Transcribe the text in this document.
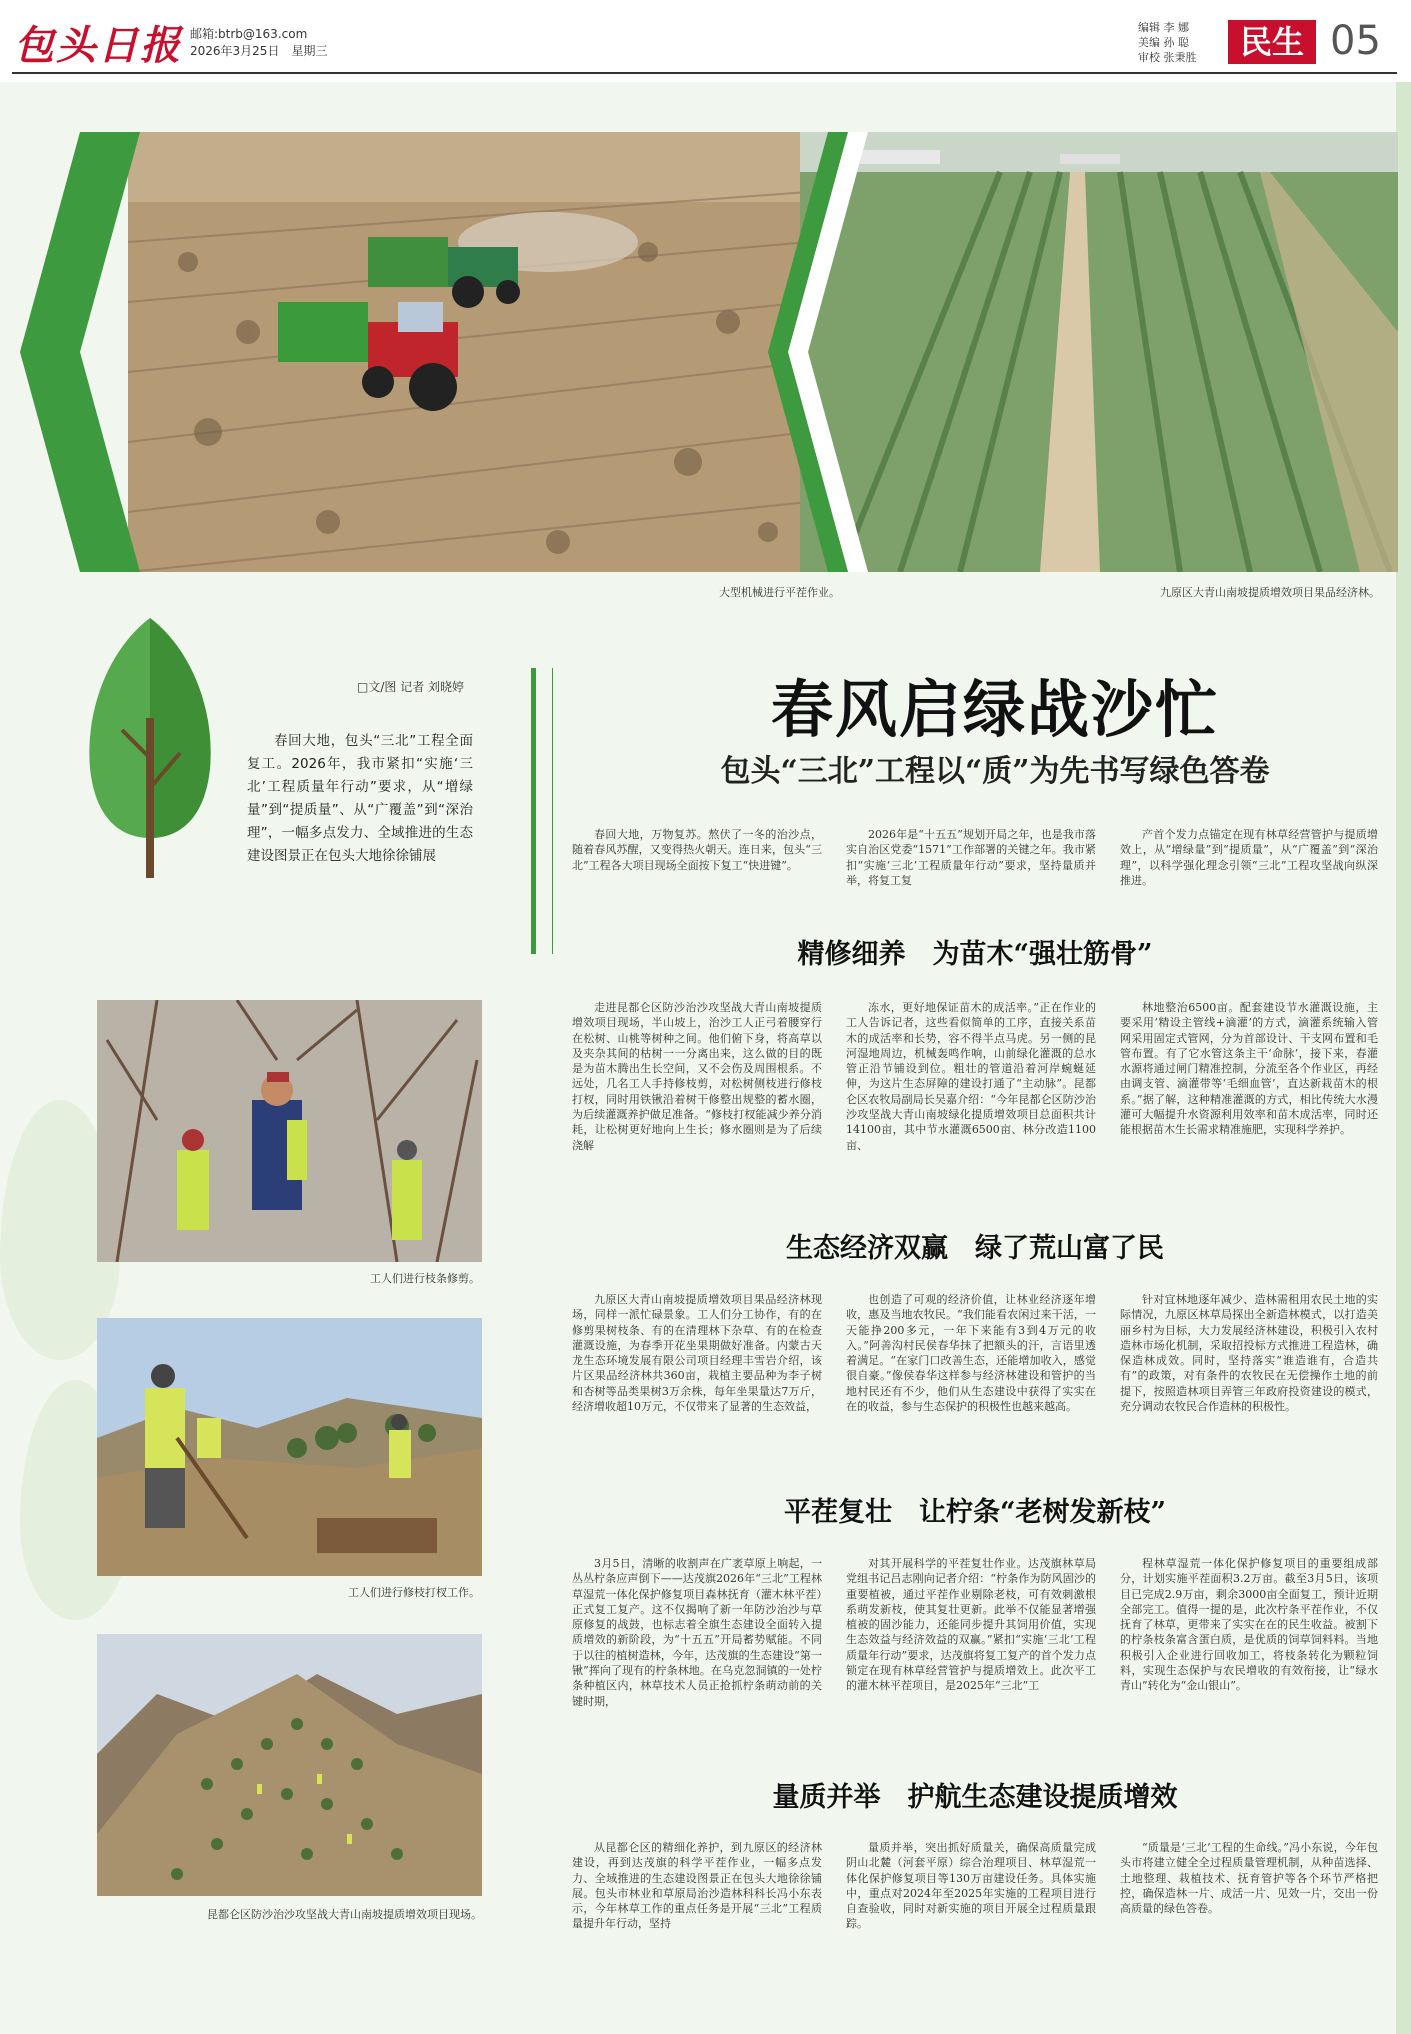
包头日报 邮箱:btrb@163.com
2026年3月25日　星期三
编辑 李 娜
美编 孙 聪
审校 张秉胜	民生 05
大型机械进行平茬作业。	九原区大青山南坡提质增效项目果品经济林。
□文/图 记者 刘晓婷
春回大地，包头“三北”工程全面复工。2026年，我市紧扣“实施‘三北’工程质量年行动”要求，从“增绿量”到“提质量”、从“广覆盖”到“深治理”，一幅多点发力、全域推进的生态建设图景正在包头大地徐徐铺展
春风启绿战沙忙
包头“三北”工程以“质”为先书写绿色答卷
春回大地，万物复苏。熬伏了一冬的治沙点，随着春风苏醒，又变得热火朝天。连日来，包头“三北”工程各大项目现场全面按下复工“快进键”。
2026年是“十五五”规划开局之年，也是我市落实自治区党委“1571”工作部署的关键之年。我市紧扣“实施‘三北’工程质量年行动”要求，坚持量质并举，将复工复
产首个发力点锚定在现有林草经营管护与提质增效上，从“增绿量”到“提质量”，从“广覆盖”到“深治理”，以科学强化理念引领“三北”工程攻坚战向纵深推进。
精修细养　为苗木“强壮筋骨”
走进昆都仑区防沙治沙攻坚战大青山南坡提质增效项目现场，半山坡上，治沙工人正弓着腰穿行在松树、山桃等树种之间。他们俯下身，将高草以及夹杂其间的枯树一一分离出来，这么做的目的既是为苗木腾出生长空间，又不会伤及周围根系。不远处，几名工人手持修枝剪，对松树侧枝进行修枝打杈，同时用铁锹沿着树干修整出规整的蓄水圈，为后续灌溉养护做足准备。“修枝打杈能减少养分消耗，让松树更好地向上生长；修水圈则是为了后续浇解
冻水，更好地保证苗木的成活率。”正在作业的工人告诉记者，这些看似简单的工序，直接关系苗木的成活率和长势，容不得半点马虎。另一侧的昆河湿地周边，机械轰鸣作响，山前绿化灌溉的总水管正沿节铺设到位。粗壮的管道沿着河岸蜿蜒延伸，为这片生态屏障的建设打通了“主动脉”。昆都仑区农牧局副局长吴嘉介绍：“今年昆都仑区防沙治沙攻坚战大青山南坡绿化提质增效项目总面积共计14100亩，其中节水灌溉6500亩、林分改造1100亩、
林地整治6500亩。配套建设节水灌溉设施，主要采用‘精设主管线+滴灌’的方式，滴灌系统输入管网采用固定式管网，分为首部设计、干支网布置和毛管布置。有了它水管这条主干‘命脉’，接下来，春灌水源将通过闸门精准控制，分流至各个作业区，再经由调支管、滴灌带等‘毛细血管’，直达新栽苗木的根系。”据了解，这种精准灌溉的方式，相比传统大水漫灌可大幅提升水资源利用效率和苗木成活率，同时还能根据苗木生长需求精准施肥，实现科学养护。
生态经济双赢　绿了荒山富了民
九原区大青山南坡提质增效项目果品经济林现场，同样一派忙碌景象。工人们分工协作，有的在修剪果树枝条、有的在清理林下杂草、有的在检查灌溉设施，为春季开花坐果期做好准备。内蒙古天龙生态环境发展有限公司项目经理丰雪岩介绍，该片区果品经济林共360亩，栽植主要品种为李子树和杏树等品类果树3万余株，每年坐果量达7万斤，经济增收超10万元，不仅带来了显著的生态效益，
也创造了可观的经济价值，让林业经济逐年增收，惠及当地农牧民。“我们能看农闲过来干活，一天能挣200多元，一年下来能有3到4万元的收入。”阿善沟村民侯春华抹了把额头的汗，言语里透着满足。“在家门口改善生态，还能增加收入，感觉很自豪。”像侯春华这样参与经济林建设和管护的当地村民还有不少，他们从生态建设中获得了实实在在的收益，参与生态保护的积极性也越来越高。
针对宜林地逐年减少、造林需租用农民土地的实际情况，九原区林草局探出全新造林模式，以打造美丽乡村为目标，大力发展经济林建设，积极引入农村造林市场化机制，采取招投标方式推进工程造林，确保造林成效。同时，坚持落实“谁造谁有，合造共有”的政策，对有条件的农牧民在无偿操作土地的前提下，按照造林项目弄管三年政府投资建设的模式，充分调动农牧民合作造林的积极性。
平茬复壮　让柠条“老树发新枝”
3月5日，清晰的收割声在广袤草原上响起，一丛丛柠条应声倒下——达茂旗2026年“三北”工程林草湿荒一体化保护修复项目森林抚育（灌木林平茬）正式复工复产。这不仅揭响了新一年防沙治沙与草原修复的战鼓，也标志着全旗生态建设全面转入提质增效的新阶段，为“十五五”开局蓄势赋能。不同于以往的植树造林，今年，达茂旗的生态建设“第一锹”挥向了现有的柠条林地。在乌克忽洞镇的一处柠条种植区内，林草技术人员正抢抓柠条萌动前的关键时期，
对其开展科学的平茬复壮作业。达茂旗林草局党组书记吕志刚向记者介绍：“柠条作为防风固沙的重要植被，通过平茬作业剔除老枝，可有效刺激根系萌发新枝，使其复壮更新。此举不仅能显著增强植被的固沙能力，还能同步提升其饲用价值，实现生态效益与经济效益的双赢。”紧扣“实施‘三北’工程质量年行动”要求，达茂旗将复工复产的首个发力点锁定在现有林草经营管护与提质增效上。此次平工的灌木林平茬项目，是2025年“三北”工
程林草湿荒一体化保护修复项目的重要组成部分，计划实施平茬面积3.2万亩。截至3月5日，该项目已完成2.9万亩，剩余3000亩全面复工，预计近期全部完工。值得一提的是，此次柠条平茬作业，不仅抚育了林草，更带来了实实在在的民生收益。被割下的柠条枝条富含蛋白质，是优质的饲草饲料料。当地积极引入企业进行回收加工，将枝条转化为颗粒饲料，实现生态保护与农民增收的有效衔接，让“绿水青山”转化为“金山银山”。
量质并举　护航生态建设提质增效
从昆都仑区的精细化养护，到九原区的经济林建设，再到达茂旗的科学平茬作业，一幅多点发力、全域推进的生态建设图景正在包头大地徐徐铺展。包头市林业和草原局治沙造林科科长冯小东表示，今年林草工作的重点任务是开展“三北”工程质量提升年行动，坚持
量质并举，突出抓好质量关，确保高质量完成阴山北麓（河套平原）综合治理项目、林草湿荒一体化保护修复项目等130万亩建设任务。具体实施中，重点对2024年至2025年实施的工程项目进行自查验收，同时对新实施的项目开展全过程质量跟踪。
“质量是‘三北’工程的生命线。”冯小东说，今年包头市将建立健全全过程质量管理机制，从种苗选择、土地整理、栽植技术、抚育管护等各个环节严格把控，确保造林一片、成活一片、见效一片，交出一份高质量的绿色答卷。
工人们进行枝条修剪。
工人们进行修枝打杈工作。
昆都仑区防沙治沙攻坚战大青山南坡提质增效项目现场。
